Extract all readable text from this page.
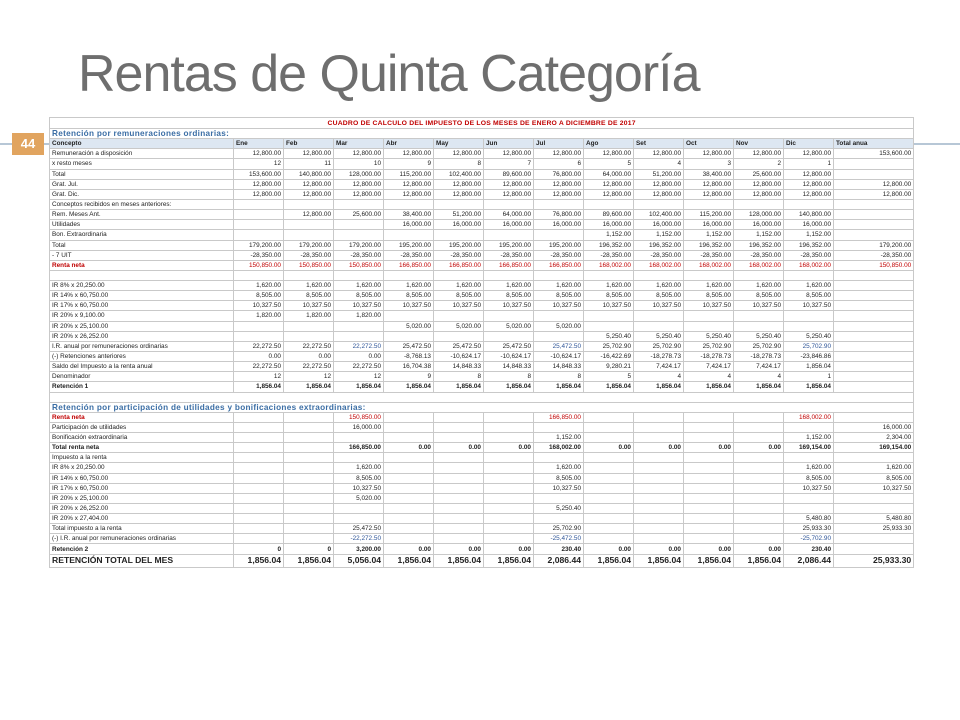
Rentas de Quinta Categoría
44
CUADRO DE CALCULO DEL IMPUESTO DE LOS MESES DE ENERO A DICIEMBRE DE 2017													
Retención por remuneraciones ordinarias:													
Concepto	Ene	Feb	Mar	Abr	May	Jun	Jul	Ago	Set	Oct	Nov	Dic	Total anua
Remuneración a disposición	12,800.00	12,800.00	12,800.00	12,800.00	12,800.00	12,800.00	12,800.00	12,800.00	12,800.00	12,800.00	12,800.00	12,800.00	153,600.00
x resto meses	12	11	10	9	8	7	6	5	4	3	2	1	
Total	153,600.00	140,800.00	128,000.00	115,200.00	102,400.00	89,600.00	76,800.00	64,000.00	51,200.00	38,400.00	25,600.00	12,800.00	
Grat. Jul.	12,800.00	12,800.00	12,800.00	12,800.00	12,800.00	12,800.00	12,800.00	12,800.00	12,800.00	12,800.00	12,800.00	12,800.00	12,800.00
Grat. Dic.	12,800.00	12,800.00	12,800.00	12,800.00	12,800.00	12,800.00	12,800.00	12,800.00	12,800.00	12,800.00	12,800.00	12,800.00	12,800.00
Conceptos recibidos en meses anteriores:													
Rem. Meses Ant.		12,800.00	25,600.00	38,400.00	51,200.00	64,000.00	76,800.00	89,600.00	102,400.00	115,200.00	128,000.00	140,800.00	
Utilidades				16,000.00	16,000.00	16,000.00	16,000.00	16,000.00	16,000.00	16,000.00	16,000.00	16,000.00	
Bon. Extraordinaria								1,152.00	1,152.00	1,152.00	1,152.00	1,152.00	
Total	179,200.00	179,200.00	179,200.00	195,200.00	195,200.00	195,200.00	195,200.00	196,352.00	196,352.00	196,352.00	196,352.00	196,352.00	179,200.00
- 7 UIT	-28,350.00	-28,350.00	-28,350.00	-28,350.00	-28,350.00	-28,350.00	-28,350.00	-28,350.00	-28,350.00	-28,350.00	-28,350.00	-28,350.00	-28,350.00
Renta neta	150,850.00	150,850.00	150,850.00	166,850.00	166,850.00	166,850.00	166,850.00	168,002.00	168,002.00	168,002.00	168,002.00	168,002.00	150,850.00

IR 8% x 20,250.00	1,620.00	1,620.00	1,620.00	1,620.00	1,620.00	1,620.00	1,620.00	1,620.00	1,620.00	1,620.00	1,620.00	1,620.00	
IR 14% x 60,750.00	8,505.00	8,505.00	8,505.00	8,505.00	8,505.00	8,505.00	8,505.00	8,505.00	8,505.00	8,505.00	8,505.00	8,505.00	
IR 17% x 60,750.00	10,327.50	10,327.50	10,327.50	10,327.50	10,327.50	10,327.50	10,327.50	10,327.50	10,327.50	10,327.50	10,327.50	10,327.50	
IR 20% x 9,100.00	1,820.00	1,820.00	1,820.00										
IR 20% x 25,100.00				5,020.00	5,020.00	5,020.00	5,020.00						
IR 20% x 26,252.00								5,250.40	5,250.40	5,250.40	5,250.40	5,250.40	
I.R. anual por remuneraciones ordinarias	22,272.50	22,272.50	22,272.50	25,472.50	25,472.50	25,472.50	25,472.50	25,702.90	25,702.90	25,702.90	25,702.90	25,702.90	
(-) Retenciones anteriores	0.00	0.00	0.00	-8,768.13	-10,624.17	-10,624.17	-10,624.17	-16,422.69	-18,278.73	-18,278.73	-18,278.73	-23,846.86	
Saldo del Impuesto a la renta anual	22,272.50	22,272.50	22,272.50	16,704.38	14,848.33	14,848.33	14,848.33	9,280.21	7,424.17	7,424.17	7,424.17	1,856.04	
Denominador	12	12	12	9	8	8	8	5	4	4	4	1	
Retención 1	1,856.04	1,856.04	1,856.04	1,856.04	1,856.04	1,856.04	1,856.04	1,856.04	1,856.04	1,856.04	1,856.04	1,856.04	

Retención por participación de utilidades y bonificaciones extraordinarias:													
Renta neta			150,850.00				166,850.00					168,002.00	
Participación de utilidades			16,000.00										16,000.00
Bonificación extraordinaria							1,152.00					1,152.00	2,304.00
Total renta neta			166,850.00	0.00	0.00	0.00	168,002.00	0.00	0.00	0.00	0.00	169,154.00	169,154.00
Impuesto a la renta													
IR 8% x 20,250.00			1,620.00				1,620.00					1,620.00	1,620.00
IR 14% x 60,750.00			8,505.00				8,505.00					8,505.00	8,505.00
IR 17% x 60,750.00			10,327.50				10,327.50					10,327.50	10,327.50
IR 20% x 25,100.00			5,020.00										
IR 20% x 26,252.00							5,250.40						
IR 20% x 27,404.00												5,480.80	5,480.80
Total impuesto a la renta			25,472.50				25,702.90					25,933.30	25,933.30
(-) I.R. anual por remuneraciones ordinarias			-22,272.50				-25,472.50					-25,702.90	
Retención 2	0	0	3,200.00	0.00	0.00	0.00	230.40	0.00	0.00	0.00	0.00	230.40	
RETENCIÓN TOTAL DEL MES	1,856.04	1,856.04	5,056.04	1,856.04	1,856.04	1,856.04	2,086.44	1,856.04	1,856.04	1,856.04	1,856.04	2,086.44	25,933.30
